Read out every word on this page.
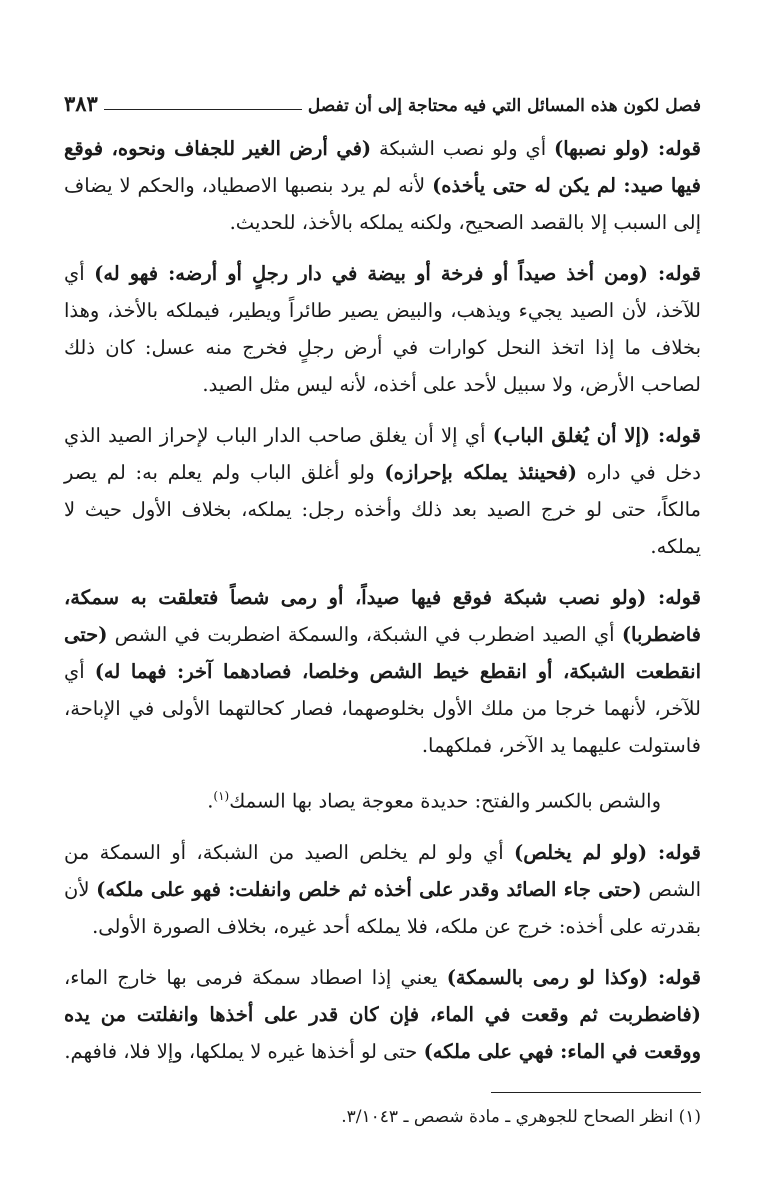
فصل لكون هذه المسائل التي فيه محتاجة إلى أن تفصل
٣٨٣

قوله: (ولو نصبها) أي ولو نصب الشبكة (في أرض الغير للجفاف ونحوه، فوقع فيها صيد: لم يكن له حتى يأخذه) لأنه لم يرد بنصبها الاصطياد، والحكم لا يضاف إلى السبب إلا بالقصد الصحيح، ولكنه يملكه بالأخذ، للحديث.

قوله: (ومن أخذ صيداً أو فرخة أو بيضة في دار رجلٍ أو أرضه: فهو له) أي للآخذ، لأن الصيد يجيء ويذهب، والبيض يصير طائراً ويطير، فيملكه بالأخذ، وهذا بخلاف ما إذا اتخذ النحل كوارات في أرض رجلٍ فخرج منه عسل: كان ذلك لصاحب الأرض، ولا سبيل لأحد على أخذه، لأنه ليس مثل الصيد.

قوله: (إلا أن يُغلق الباب) أي إلا أن يغلق صاحب الدار الباب لإحراز الصيد الذي دخل في داره (فحينئذ يملكه بإحرازه) ولو أغلق الباب ولم يعلم به: لم يصر مالكاً، حتى لو خرج الصيد بعد ذلك وأخذه رجل: يملكه، بخلاف الأول حيث لا يملكه.

قوله: (ولو نصب شبكة فوقع فيها صيداً، أو رمى شصاً فتعلقت به سمكة، فاضطربا) أي الصيد اضطرب في الشبكة، والسمكة اضطربت في الشص (حتى انقطعت الشبكة، أو انقطع خيط الشص وخلصا، فصادهما آخر: فهما له) أي للآخر، لأنهما خرجا من ملك الأول بخلوصهما، فصار كحالتهما الأولى في الإباحة، فاستولت عليهما يد الآخر، فملكهما.

والشص بالكسر والفتح: حديدة معوجة يصاد بها السمك$^{(١)}$.

قوله: (ولو لم يخلص) أي ولو لم يخلص الصيد من الشبكة، أو السمكة من الشص (حتى جاء الصائد وقدر على أخذه ثم خلص وانفلت: فهو على ملكه) لأن بقدرته على أخذه: خرج عن ملكه، فلا يملكه أحد غيره، بخلاف الصورة الأولى.

قوله: (وكذا لو رمى بالسمكة) يعني إذا اصطاد سمكة فرمى بها خارج الماء، (فاضطربت ثم وقعت في الماء، فإن كان قدر على أخذها وانفلتت من يده ووقعت في الماء: فهي على ملكه) حتى لو أخذها غيره لا يملكها، وإلا فلا، فافهم.

(١) انظر الصحاح للجوهري ـ مادة شصص ـ ٣/١٠٤٣.
